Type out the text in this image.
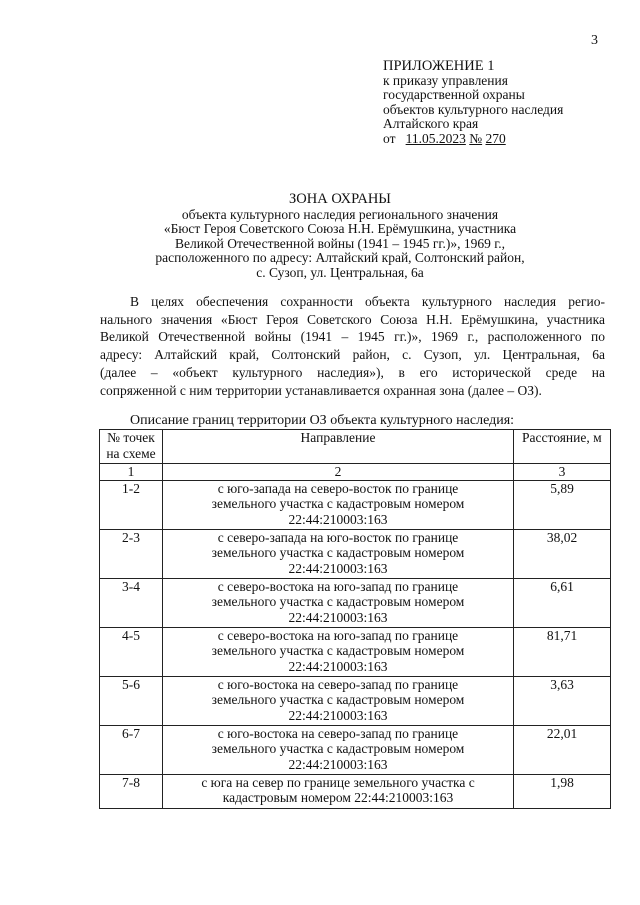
3
ПРИЛОЖЕНИЕ 1
к приказу управления
государственной охраны
объектов культурного наследия
Алтайского края
от 11.05.2023 № 270
ЗОНА ОХРАНЫ
объекта культурного наследия регионального значения
«Бюст Героя Советского Союза Н.Н. Ерёмушкина, участника
Великой Отечественной войны (1941 – 1945 гг.)», 1969 г.,
расположенного по адресу: Алтайский край, Солтонский район,
с. Сузоп, ул. Центральная, 6а
В целях обеспечения сохранности объекта культурного наследия регио-
нального значения «Бюст Героя Советского Союза Н.Н. Ерёмушкина, участника
Великой Отечественной войны (1941 – 1945 гг.)», 1969 г., расположенного по
адресу: Алтайский край, Солтонский район, с. Сузоп, ул. Центральная, 6а
(далее – «объект культурного наследия»), в его исторической среде на
сопряженной с ним территории устанавливается охранная зона (далее – ОЗ).
Описание границ территории ОЗ объекта культурного наследия:
№ точек
на схеме	Направление	Расстояние, м
1	2	3
1-2	с юго-запада на северо-восток по границе
земельного участка с кадастровым номером
22:44:210003:163	5,89
2-3	с северо-запада на юго-восток по границе
земельного участка с кадастровым номером
22:44:210003:163	38,02
3-4	с северо-востока на юго-запад по границе
земельного участка с кадастровым номером
22:44:210003:163	6,61
4-5	с северо-востока на юго-запад по границе
земельного участка с кадастровым номером
22:44:210003:163	81,71
5-6	с юго-востока на северо-запад по границе
земельного участка с кадастровым номером
22:44:210003:163	3,63
6-7	с юго-востока на северо-запад по границе
земельного участка с кадастровым номером
22:44:210003:163	22,01
7-8	с юга на север по границе земельного участка с
кадастровым номером 22:44:210003:163	1,98
